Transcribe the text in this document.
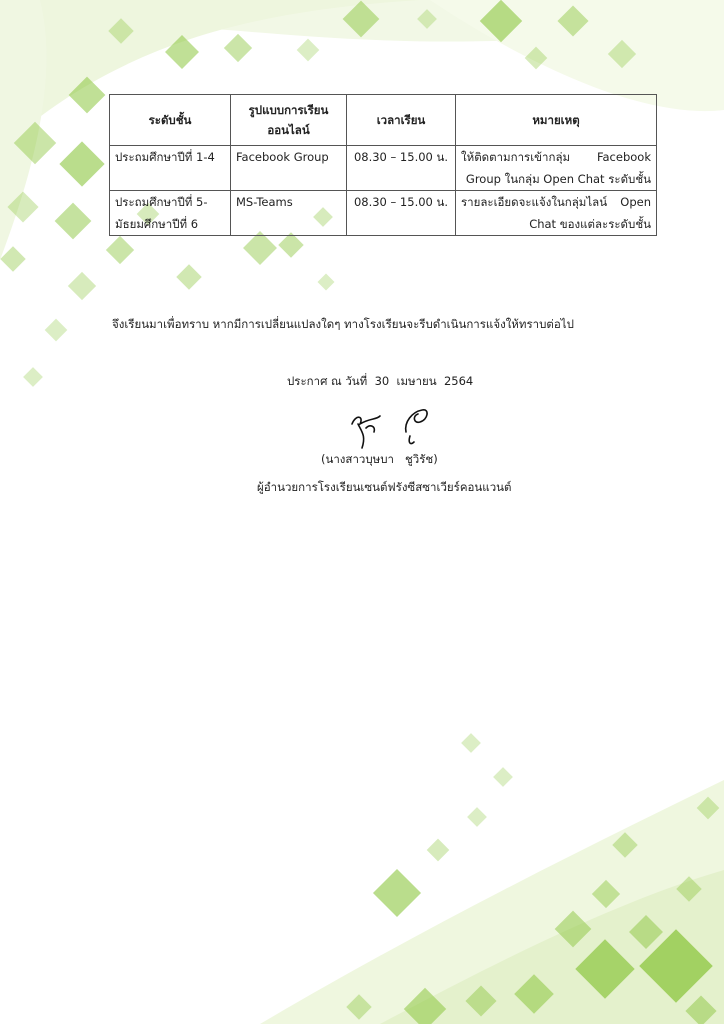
ระดับชั้น	รูปแบบการเรียน ออนไลน์	เวลาเรียน	หมายเหตุ
ประถมศึกษาปีที่ 1-4	Facebook Group	08.30 – 15.00 น.	ให้ติดตามการเข้ากลุ่ม Facebook Group ในกลุ่ม Open Chat ระดับชั้น
ประถมศึกษาปีที่ 5-มัธยมศึกษาปีที่ 6	MS-Teams	08.30 – 15.00 น.	รายละเอียดจะแจ้งในกลุ่มไลน์ Open Chat ของแต่ละระดับชั้น
จึงเรียนมาเพื่อทราบ หากมีการเปลี่ยนแปลงใดๆ ทางโรงเรียนจะรีบดำเนินการแจ้งให้ทราบต่อไป
ประกาศ ณ วันที่  30  เมษายน  2564
(นางสาวบุษบา   ชูวิรัช)
ผู้อำนวยการโรงเรียนเซนต์ฟรังซีสซาเวียร์คอนแวนต์
